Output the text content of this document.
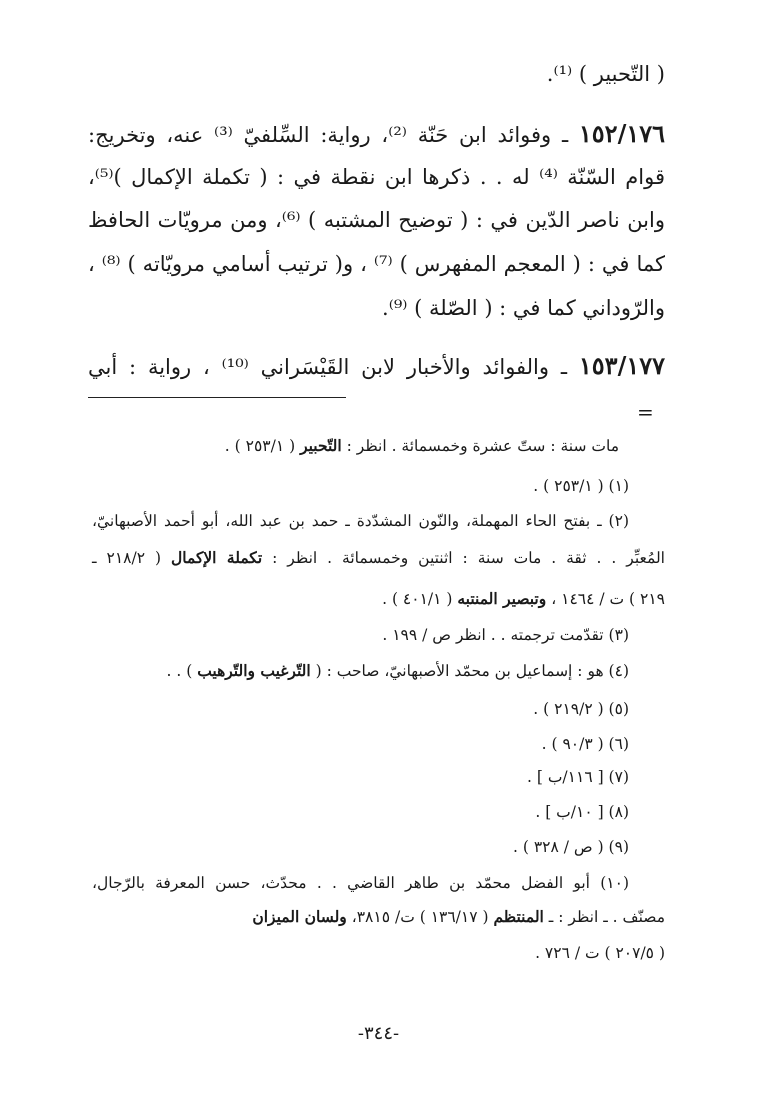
( التّحبير ) ⁽¹⁾.
١٥٢/١٧٦ ـ وفوائد ابن حَنّة ⁽²⁾، رواية: السِّلفيّ ⁽³⁾ عنه، وتخريج:
قوام السّنّة ⁽⁴⁾ له . . ذكرها ابن نقطة في : ( تكملة الإكمال )⁽⁵⁾،
وابن ناصر الدّين في : ( توضيح المشتبه ) ⁽⁶⁾، ومن مرويّات الحافظ
كما في : ( المعجم المفهرس ) ⁽⁷⁾ ، و( ترتيب أسامي مرويّاته ) ⁽⁸⁾ ،
والرّوداني كما في : ( الصّلة ) ⁽⁹⁾.
١٥٣/١٧٧ ـ والفوائد والأخبار لابن القَيْسَراني ⁽¹⁰⁾ ، رواية : أبي
=
مات سنة : ستّ عشرة وخمسمائة . انظر : التّحبير ( ٢٥٣/١ ) .
(١) ( ٢٥٣/١ ) .
(٢) ـ بفتح الحاء المهملة، والنّون المشدّدة ـ حمد بن عبد الله، أبو أحمد الأصبهانيّ،
المُعبِّر . . ثقة . مات سنة : اثنتين وخمسمائة . انظر : تكملة الإكمال ( ٢١٨/٢ ـ
٢١٩ ) ت / ١٤٦٤ ، وتبصير المنتبه ( ٤٠١/١ ) .
(٣) تقدّمت ترجمته . . انظر ص / ١٩٩ .
(٤) هو : إسماعيل بن محمّد الأصبهانيّ، صاحب : ( التّرغيب والتّرهيب ) . .
(٥) ( ٢١٩/٢ ) .
(٦) ( ٩٠/٣ ) .
(٧) [ ١١٦/ب ] .
(٨) [ ١٠/ب ] .
(٩) ( ص / ٣٢٨ ) .
(١٠) أبو الفضل محمّد بن طاهر القاضي . . محدّث، حسن المعرفة بالرّجال،
مصنّف . ـ انظر : ـ المنتظم ( ١٣٦/١٧ ) ت/ ٣٨١٥، ولسان الميزان
( ٢٠٧/٥ ) ت / ٧٢٦ .
-٣٤٤-
